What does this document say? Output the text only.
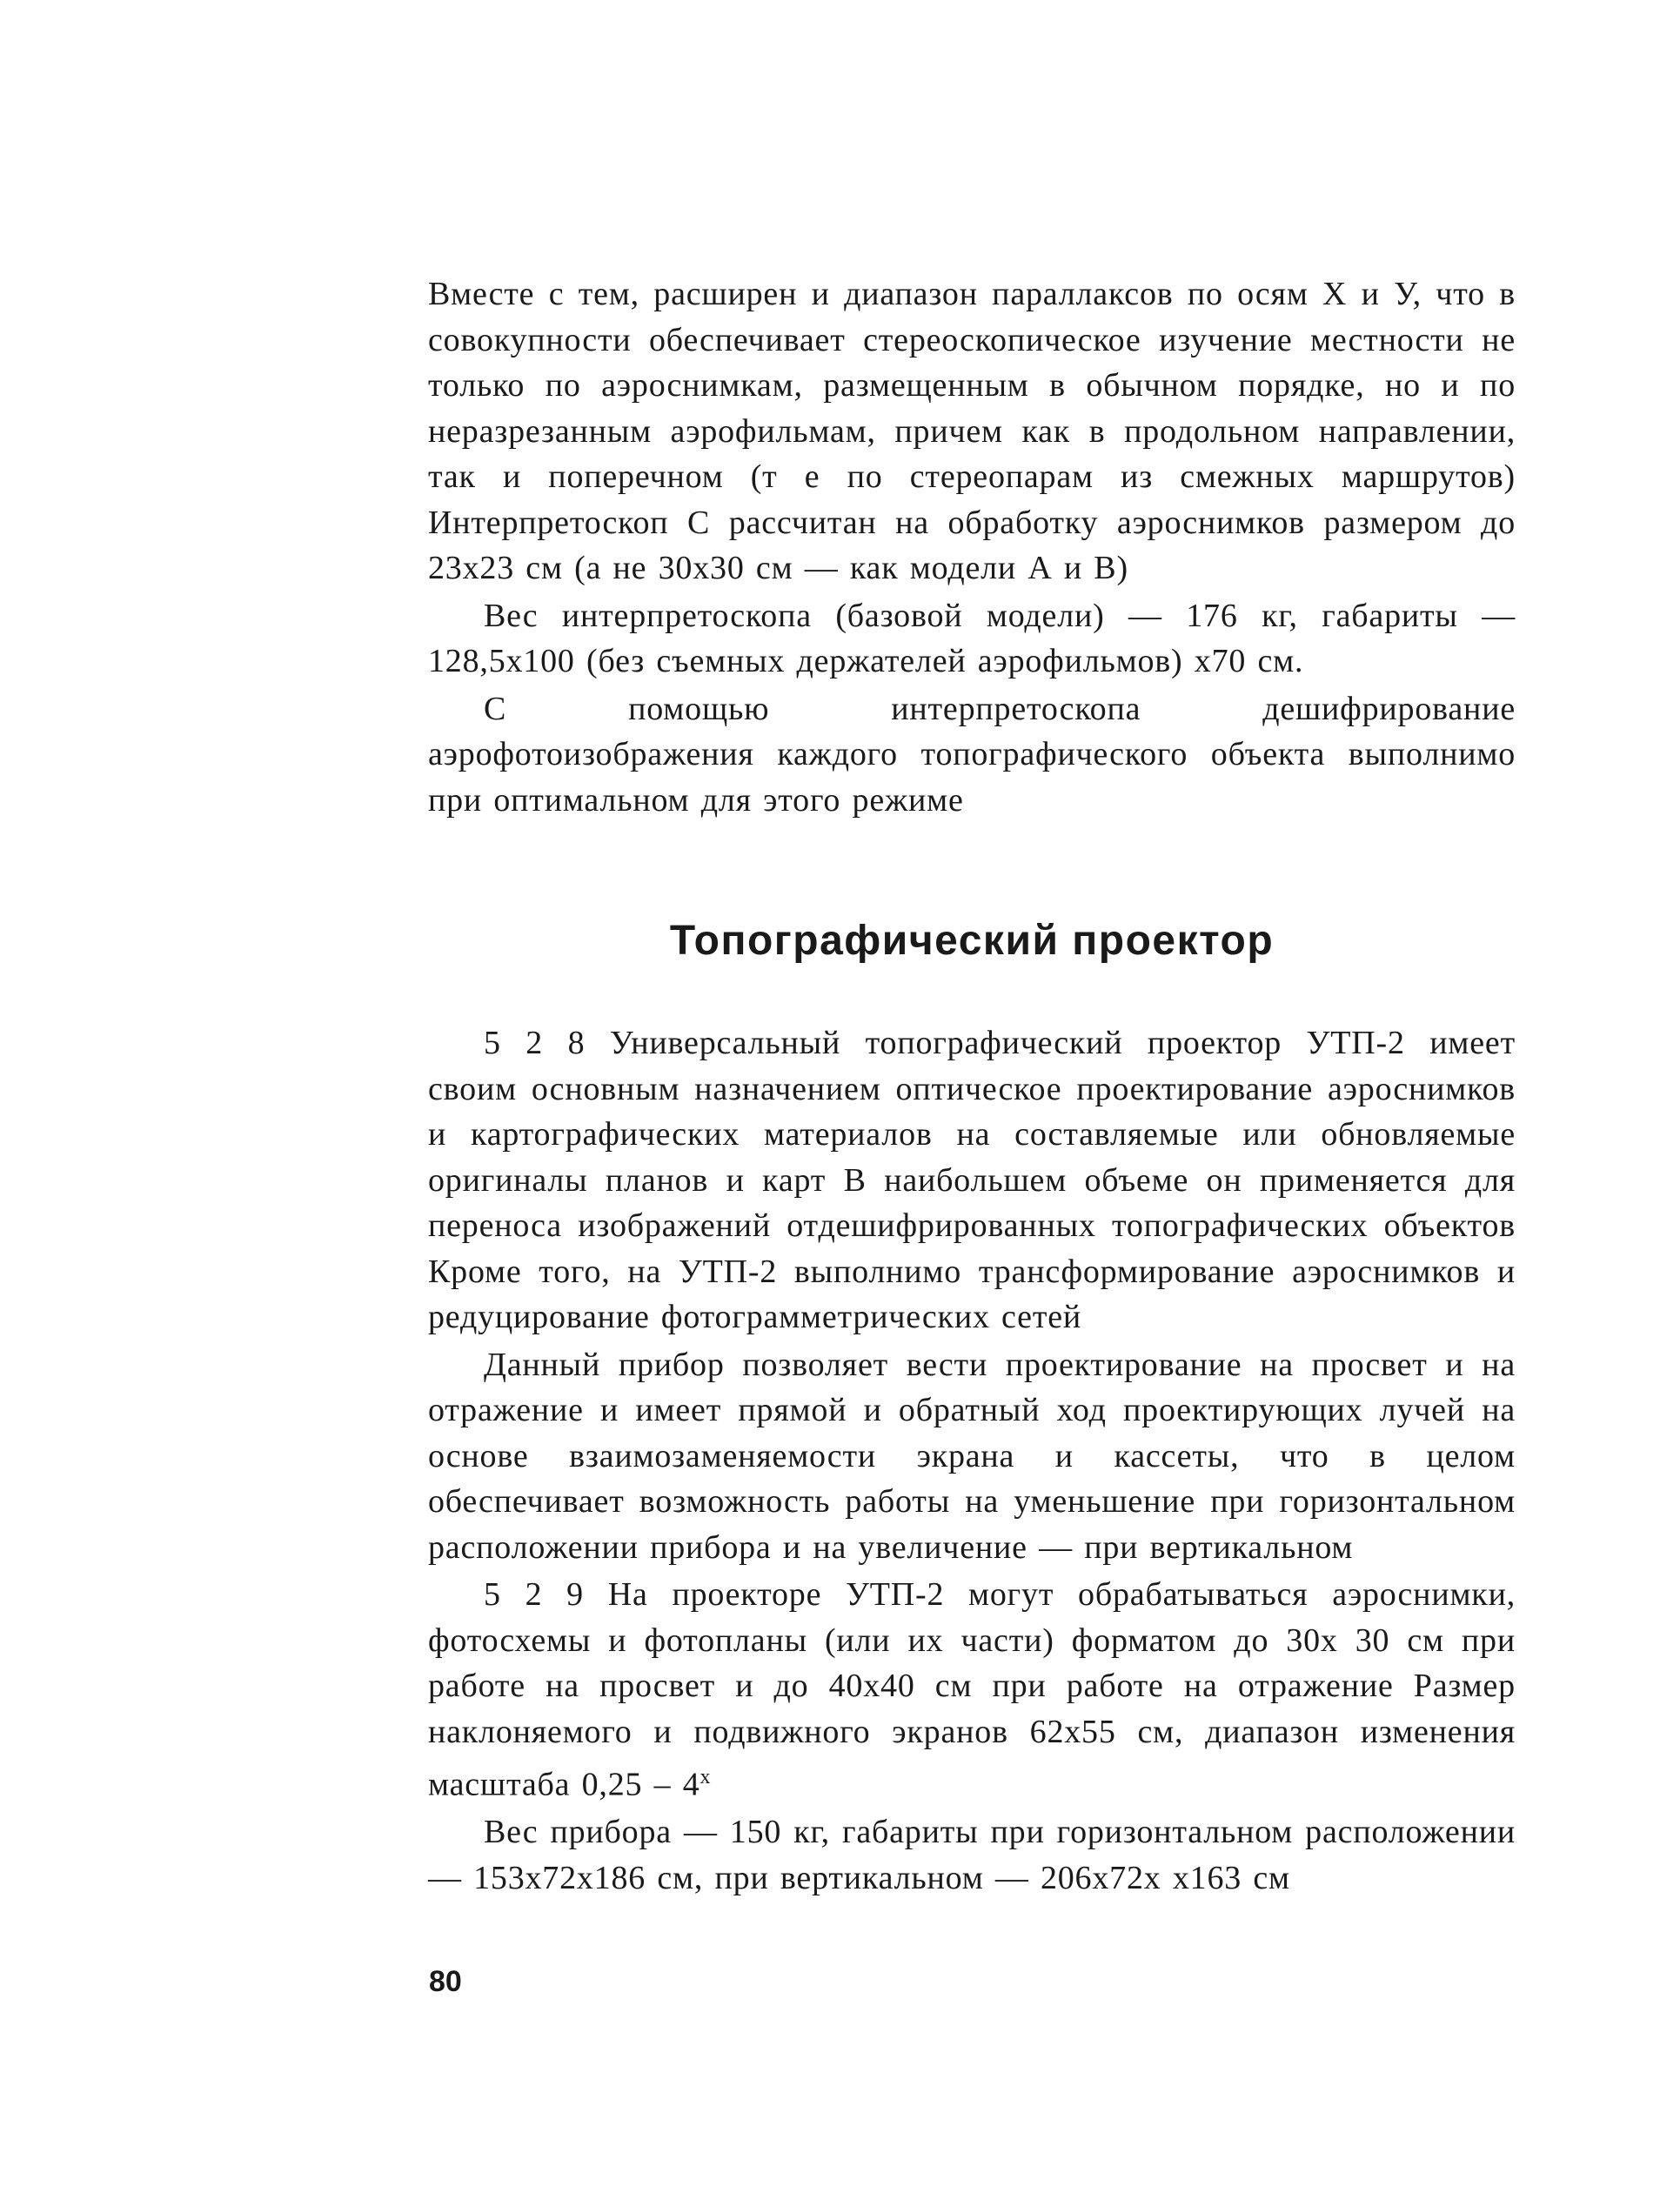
Вместе с тем, расширен и диапазон параллаксов по осям Х и У, что в совокупности обеспечивает стереоскопическое изучение местности не только по аэроснимкам, размещенным в обычном порядке, но и по неразрезанным аэрофильмам, причем как в продольном направлении, так и поперечном (т е по стереопарам из смежных маршрутов) Интерпретоскоп С рассчитан на обработку аэроснимков размером до 23х23 см (а не 30х30 см — как модели А и В)

Вес интерпретоскопа (базовой модели) — 176 кг, габариты — 128,5х100 (без съемных держателей аэрофильмов) х70 см.

С помощью интерпретоскопа дешифрирование аэрофотоизображения каждого топографического объекта выполнимо при оптимальном для этого режиме

Топографический проектор

5 2 8 Универсальный топографический проектор УТП-2 имеет своим основным назначением оптическое проектирование аэроснимков и картографических материалов на составляемые или обновляемые оригиналы планов и карт В наибольшем объеме он применяется для переноса изображений отдешифрированных топографических объектов Кроме того, на УТП-2 выполнимо трансформирование аэроснимков и редуцирование фотограмметрических сетей

Данный прибор позволяет вести проектирование на просвет и на отражение и имеет прямой и обратный ход проектирующих лучей на основе взаимозаменяемости экрана и кассеты, что в целом обеспечивает возможность работы на уменьшение при горизонтальном расположении прибора и на увеличение — при вертикальном

5 2 9 На проекторе УТП-2 могут обрабатываться аэроснимки, фотосхемы и фотопланы (или их части) форматом до 30х 30 см при работе на просвет и до 40х40 см при работе на отражение Размер наклоняемого и подвижного экранов 62х55 см, диапазон изменения масштаба $0,25 - 4^х$

Вес прибора — 150 кг, габариты при горизонтальном расположении — 153х72х186 см, при вертикальном — 206х72х х163 см

80
